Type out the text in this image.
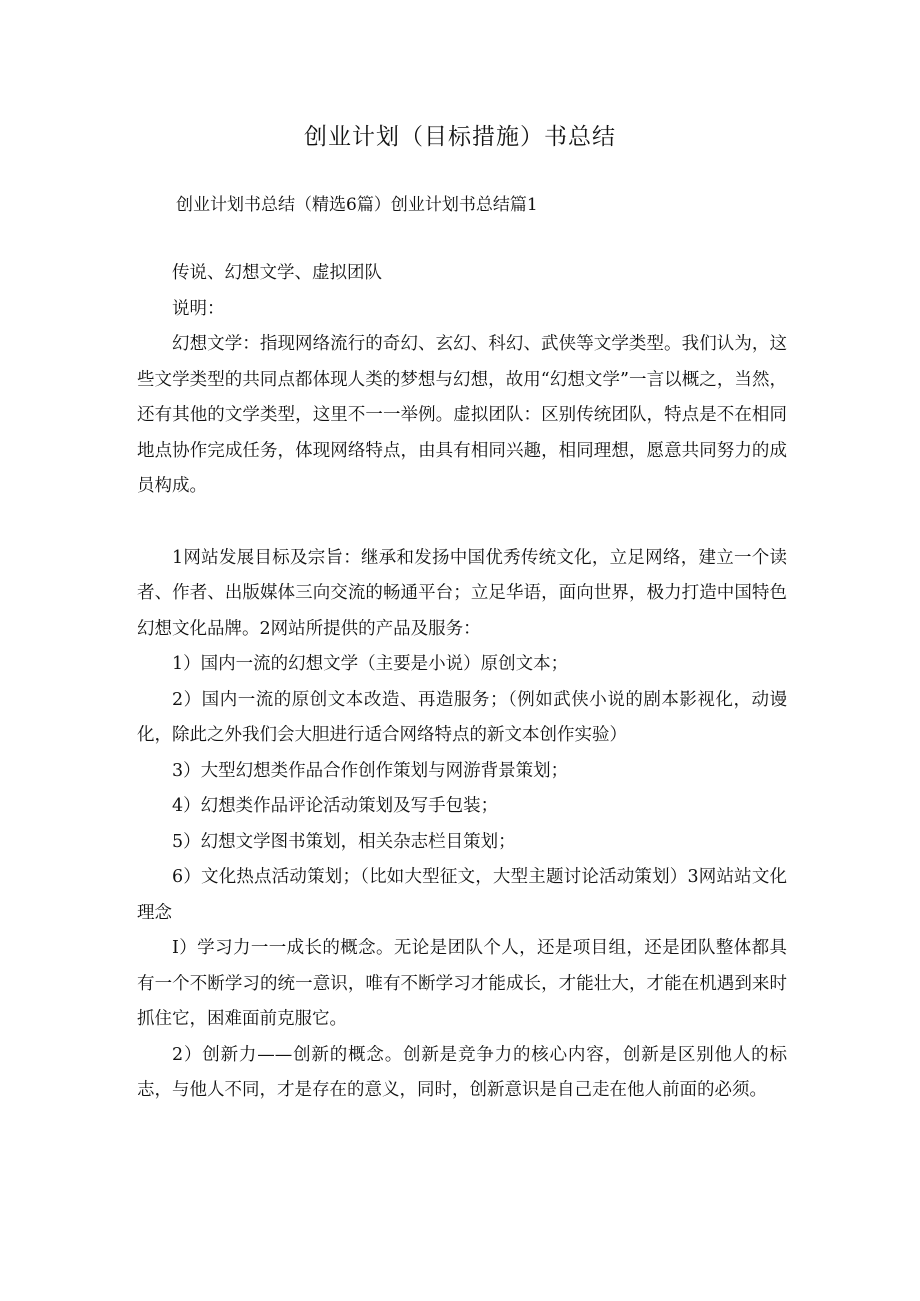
创业计划（目标措施）书总结
创业计划书总结（精选6篇）创业计划书总结篇1

传说、幻想文学、虚拟团队

说明：

幻想文学：指现网络流行的奇幻、玄幻、科幻、武侠等文学类型。我们认为，这些文学类型的共同点都体现人类的梦想与幻想，故用“幻想文学”一言以概之，当然，还有其他的文学类型，这里不一一举例。虚拟团队：区别传统团队，特点是不在相同地点协作完成任务，体现网络特点，由具有相同兴趣，相同理想，愿意共同努力的成员构成。

1网站发展目标及宗旨：继承和发扬中国优秀传统文化，立足网络，建立一个读者、作者、出版媒体三向交流的畅通平台；立足华语，面向世界，极力打造中国特色幻想文化品牌。2网站所提供的产品及服务：

1）国内一流的幻想文学（主要是小说）原创文本；

2）国内一流的原创文本改造、再造服务；（例如武侠小说的剧本影视化，动谩化，除此之外我们会大胆进行适合网络特点的新文本创作实验）

3）大型幻想类作品合作创作策划与网游背景策划；

4）幻想类作品评论活动策划及写手包装；

5）幻想文学图书策划，相关杂志栏目策划；

6）文化热点活动策划；（比如大型征文，大型主题讨论活动策划）3网站站文化理念

I）学习力一一成长的概念。无论是团队个人，还是项目组，还是团队整体都具有一个不断学习的统一意识，唯有不断学习才能成长，才能壮大，才能在机遇到来时抓住它，困难面前克服它。

2）创新力——创新的概念。创新是竞争力的核心内容，创新是区别他人的标志，与他人不同，才是存在的意义，同时，创新意识是自己走在他人前面的必须。
